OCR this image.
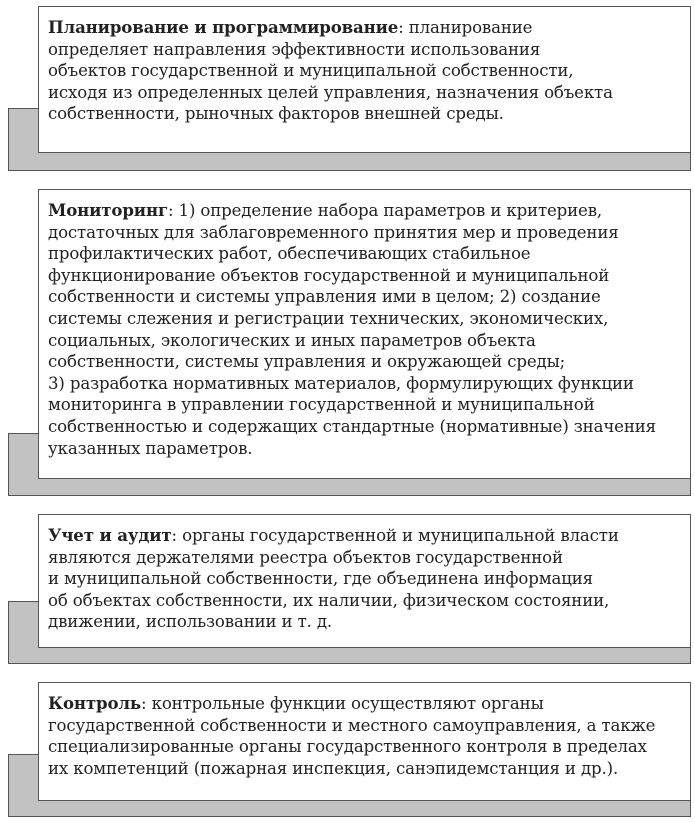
Планирование и программирование: планирование
определяет направления эффективности использования
объектов государственной и муниципальной собственности,
исходя из определенных целей управления, назначения объекта
собственности, рыночных факторов внешней среды.

Мониторинг: 1) определение набора параметров и критериев,
достаточных для заблаговременного принятия мер и проведения
профилактических работ, обеспечивающих стабильное
функционирование объектов государственной и муниципальной
собственности и системы управления ими в целом; 2) создание
системы слежения и регистрации технических, экономических,
социальных, экологических и иных параметров объекта
собственности, системы управления и окружающей среды;
3) разработка нормативных материалов, формулирующих функции
мониторинга в управлении государственной и муниципальной
собственностью и содержащих стандартные (нормативные) значения
указанных параметров.

Учет и аудит: органы государственной и муниципальной власти
являются держателями реестра объектов государственной
и муниципальной собственности, где объединена информация
об объектах собственности, их наличии, физическом состоянии,
движении, использовании и т. д.

Контроль: контрольные функции осуществляют органы
государственной собственности и местного самоуправления, а также
специализированные органы государственного контроля в пределах
их компетенций (пожарная инспекция, санэпидемстанция и др.).
